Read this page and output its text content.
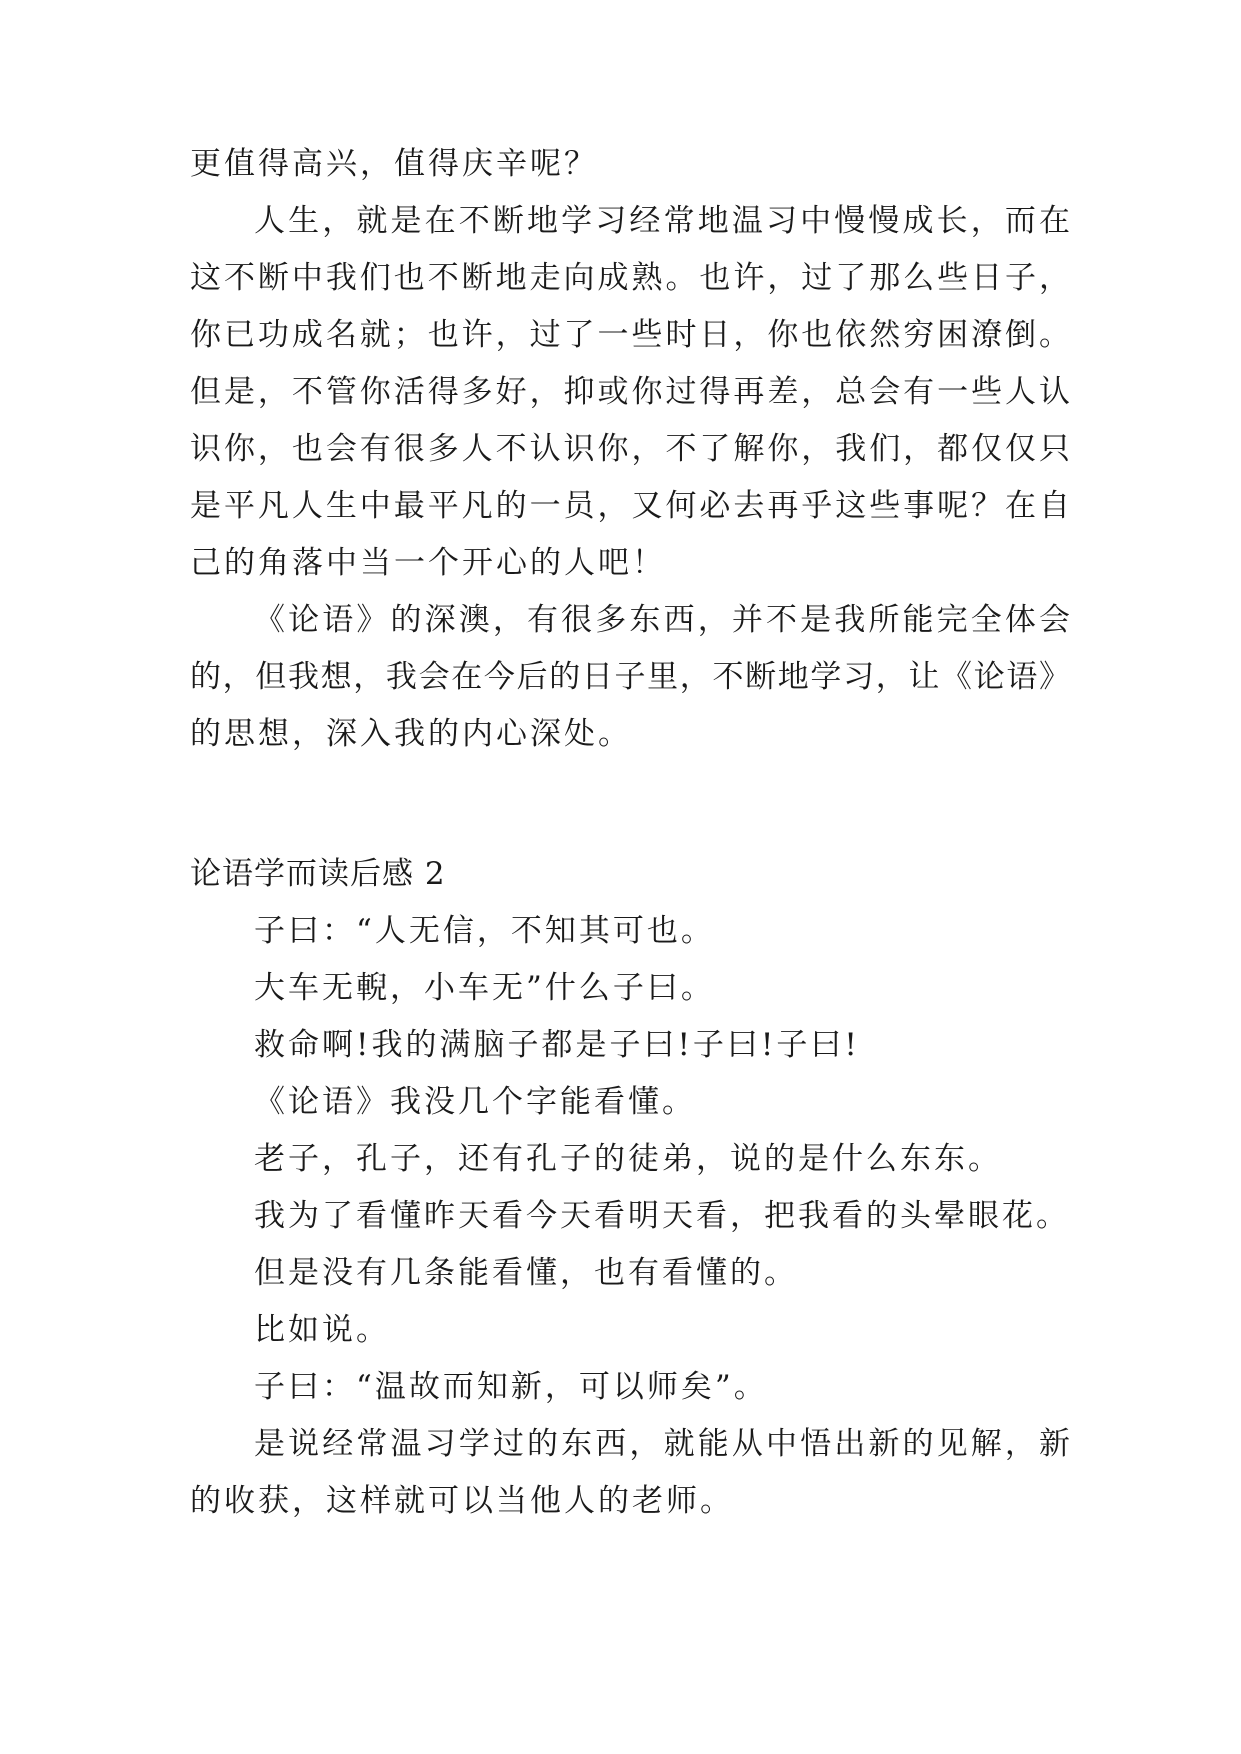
更值得高兴，值得庆辛呢？
人生，就是在不断地学习经常地温习中慢慢成长，而在
这不断中我们也不断地走向成熟。也许，过了那么些日子，
你已功成名就；也许，过了一些时日，你也依然穷困潦倒。
但是，不管你活得多好，抑或你过得再差，总会有一些人认
识你，也会有很多人不认识你，不了解你，我们，都仅仅只
是平凡人生中最平凡的一员，又何必去再乎这些事呢？在自
己的角落中当一个开心的人吧！
《论语》的深澳，有很多东西，并不是我所能完全体会
的，但我想，我会在今后的日子里，不断地学习，让《论语》
的思想，深入我的内心深处。
论语学而读后感 2
子曰：“人无信，不知其可也。
大车无輗，小车无”什么子曰。
救命啊!我的满脑子都是子曰!子曰!子曰!
《论语》我没几个字能看懂。
老子，孔子，还有孔子的徒弟，说的是什么东东。
我为了看懂昨天看今天看明天看，把我看的头晕眼花。
但是没有几条能看懂，也有看懂的。
比如说。
子曰：“温故而知新，可以师矣”。
是说经常温习学过的东西，就能从中悟出新的见解，新
的收获，这样就可以当他人的老师。
